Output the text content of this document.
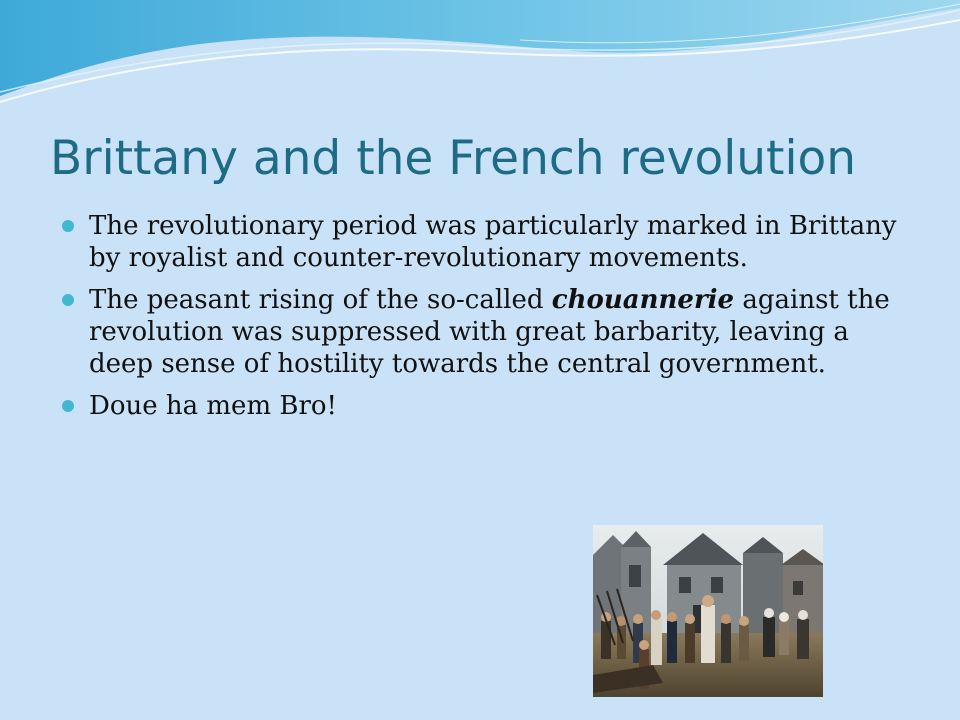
Brittany and the French revolution
The revolutionary period was particularly marked in Brittany by royalist and counter-revolutionary movements.
The peasant rising of the so-called chouannerie against the revolution was suppressed with great barbarity, leaving a deep sense of hostility towards the central government.
Doue ha mem Bro!
